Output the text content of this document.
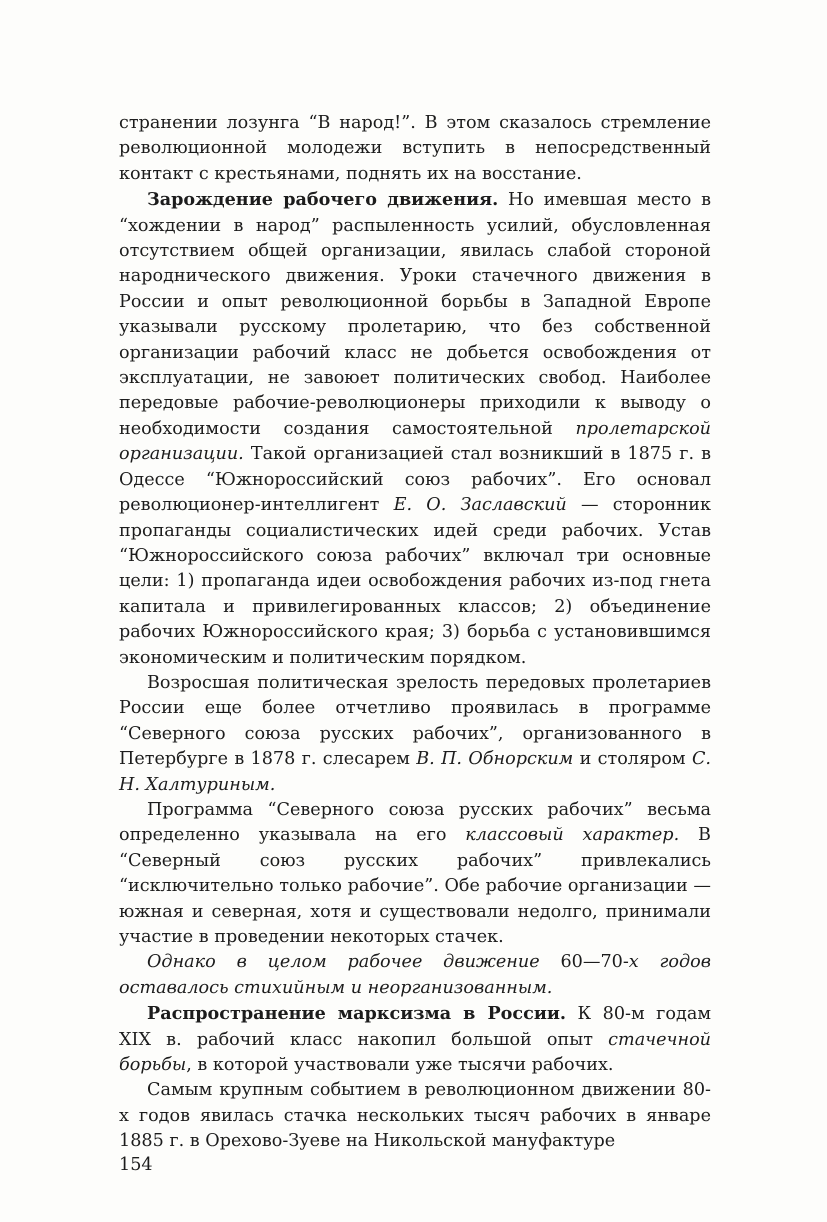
странении лозунга “В народ!”. В этом сказалось стремление революционной молодежи вступить в непосредственный контакт с крестьянами, поднять их на восстание.

Зарождение рабочего движения. Но имевшая место в “хождении в народ” распыленность усилий, обусловленная отсутствием общей организации, явилась слабой стороной народнического движения. Уроки стачечного движения в России и опыт революционной борьбы в Западной Европе указывали русскому пролетарию, что без собственной организации рабочий класс не добьется освобождения от эксплуатации, не завоюет политических свобод. Наиболее передовые рабочие-революционеры приходили к выводу о необходимости создания самостоятельной пролетарской организации. Такой организацией стал возникший в 1875 г. в Одессе “Южнороссийский союз рабочих”. Его основал революционер-интеллигент Е. О. Заславский — сторонник пропаганды социалистических идей среди рабочих. Устав “Южнороссийского союза рабочих” включал три основные цели: 1) пропаганда идеи освобождения рабочих из-под гнета капитала и привилегированных классов; 2) объединение рабочих Южнороссийского края; 3) борьба с установившимся экономическим и политическим порядком.

Возросшая политическая зрелость передовых пролетариев России еще более отчетливо проявилась в программе “Северного союза русских рабочих”, организованного в Петербурге в 1878 г. слесарем В. П. Обнорским и столяром С. Н. Халтуриным.

Программа “Северного союза русских рабочих” весьма определенно указывала на его классовый характер. В “Северный союз русских рабочих” привлекались “исключительно только рабочие”. Обе рабочие организации — южная и северная, хотя и существовали недолго, принимали участие в проведении некоторых стачек.

Однако в целом рабочее движение 60—70-х годов оставалось стихийным и неорганизованным.

Распространение марксизма в России. К 80-м годам XIX в. рабочий класс накопил большой опыт стачечной борьбы, в которой участвовали уже тысячи рабочих.

Самым крупным событием в революционном движении 80-х годов явилась стачка нескольких тысяч рабочих в январе 1885 г. в Орехово-Зуеве на Никольской мануфактуре

154
